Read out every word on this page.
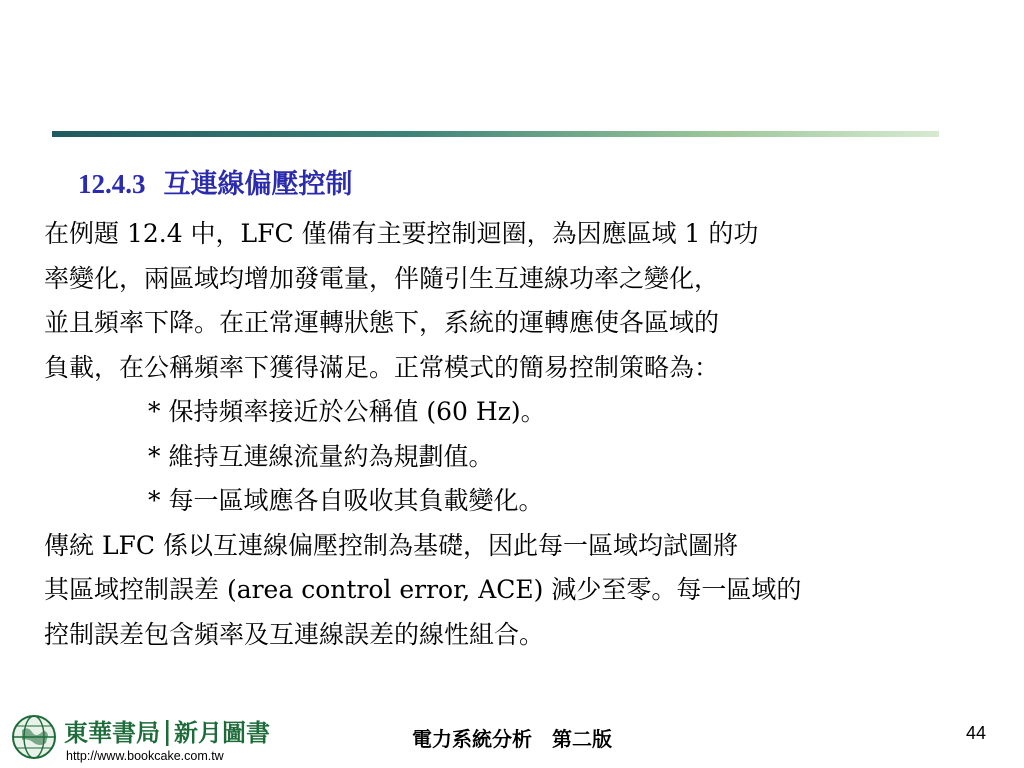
12.4.3 互連線偏壓控制

在例題 12.4 中，LFC 僅備有主要控制迴圈，為因應區域 1 的功
率變化，兩區域均增加發電量，伴隨引生互連線功率之變化，
並且頻率下降。在正常運轉狀態下，系統的運轉應使各區域的
負載，在公稱頻率下獲得滿足。正常模式的簡易控制策略為：

* 保持頻率接近於公稱值 (60 Hz)。
* 維持互連線流量約為規劃值。
* 每一區域應各自吸收其負載變化。

傳統 LFC 係以互連線偏壓控制為基礎，因此每一區域均試圖將
其區域控制誤差 (area control error, ACE) 減少至零。每一區域的
控制誤差包含頻率及互連線誤差的線性組合。

東華書局 新月圖書
http://www.bookcake.com.tw
電力系統分析　第二版	44
